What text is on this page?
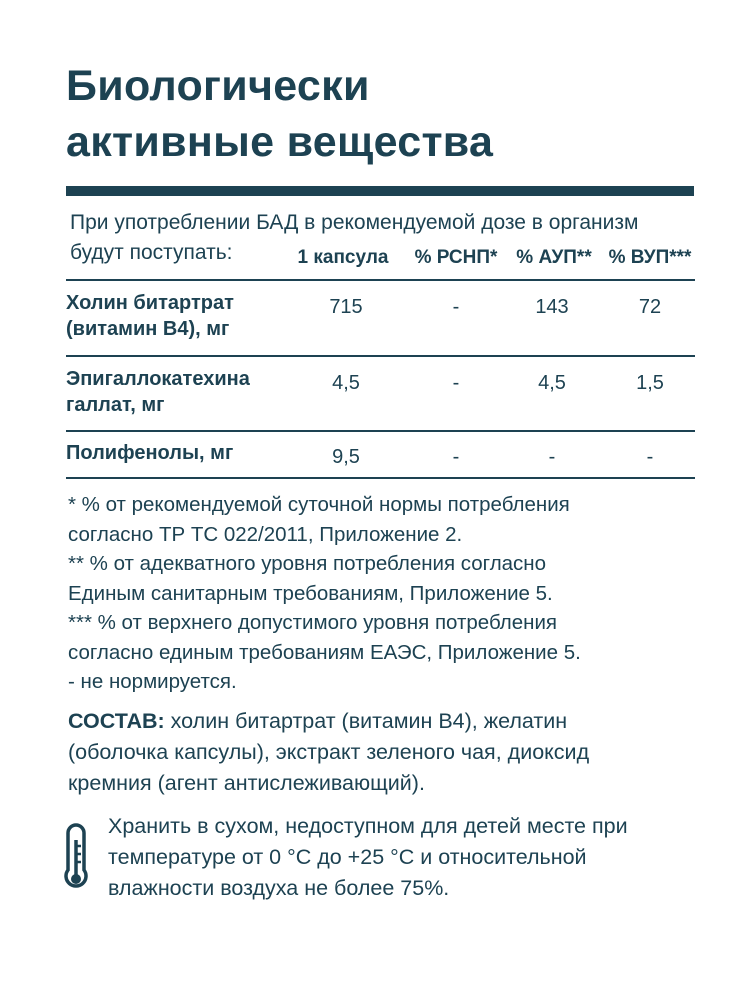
Биологически
активные вещества
При употреблении БАД в рекомендуемой дозе в организм
будут поступать:	1 капсула	% РСНП* % АУП** % ВУП***
Холин битартрат
(витамин В4), мг
715	-	143	72
Эпигаллокатехина
галлат, мг
4,5	-	4,5	1,5
Полифенолы, мг	9,5	-	-	-
* % от рекомендуемой суточной нормы потребления
согласно ТР ТС 022/2011, Приложение 2.
** % от адекватного уровня потребления согласно
Единым санитарным требованиям, Приложение 5.
*** % от верхнего допустимого уровня потребления
согласно единым требованиям ЕАЭС, Приложение 5.
- не нормируется.
СОСТАВ: холин битартрат (витамин В4), желатин
(оболочка капсулы), экстракт зеленого чая, диоксид
кремния (агент антислеживающий).
Хранить в сухом, недоступном для детей месте при
температуре от 0 °С до +25 °С и относительной
влажности воздуха не более 75%.
